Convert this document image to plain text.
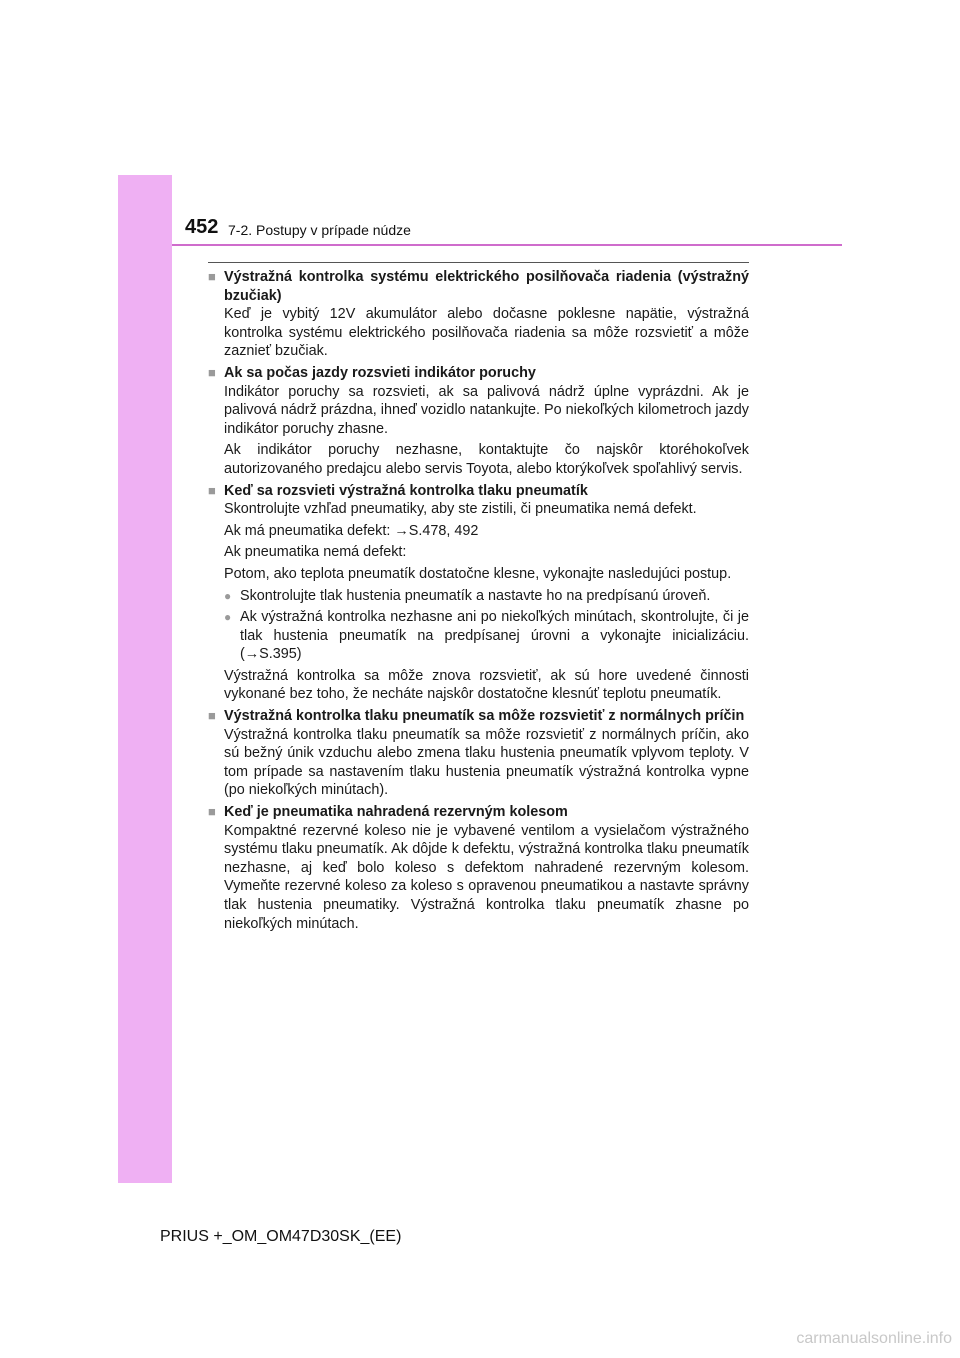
452 7-2. Postupy v prípade núdze
■ Výstražná kontrolka systému elektrického posilňovača riadenia (výstražný bzučiak)
Keď je vybitý 12V akumulátor alebo dočasne poklesne napätie, výstražná kontrolka systému elektrického posilňovača riadenia sa môže rozsvietiť a môže zaznieť bzučiak.
■ Ak sa počas jazdy rozsvieti indikátor poruchy
Indikátor poruchy sa rozsvieti, ak sa palivová nádrž úplne vyprázdni. Ak je palivová nádrž prázdna, ihneď vozidlo natankujte. Po niekoľkých kilometroch jazdy indikátor poruchy zhasne.
Ak indikátor poruchy nezhasne, kontaktujte čo najskôr ktoréhokoľvek autorizovaného predajcu alebo servis Toyota, alebo ktorýkoľvek spoľahlivý servis.
■ Keď sa rozsvieti výstražná kontrolka tlaku pneumatík
Skontrolujte vzhľad pneumatiky, aby ste zistili, či pneumatika nemá defekt.
Ak má pneumatika defekt: →S.478, 492
Ak pneumatika nemá defekt:
Potom, ako teplota pneumatík dostatočne klesne, vykonajte nasledujúci postup.
● Skontrolujte tlak hustenia pneumatík a nastavte ho na predpísanú úroveň.
● Ak výstražná kontrolka nezhasne ani po niekoľkých minútach, skontrolujte, či je tlak hustenia pneumatík na predpísanej úrovni a vykonajte inicializáciu. (→S.395)
Výstražná kontrolka sa môže znova rozsvietiť, ak sú hore uvedené činnosti vykonané bez toho, že necháte najskôr dostatočne klesnúť teplotu pneumatík.
■ Výstražná kontrolka tlaku pneumatík sa môže rozsvietiť z normálnych príčin
Výstražná kontrolka tlaku pneumatík sa môže rozsvietiť z normálnych príčin, ako sú bežný únik vzduchu alebo zmena tlaku hustenia pneumatík vplyvom teploty. V tom prípade sa nastavením tlaku hustenia pneumatík výstražná kontrolka vypne (po niekoľkých minútach).
■ Keď je pneumatika nahradená rezervným kolesom
Kompaktné rezervné koleso nie je vybavené ventilom a vysielačom výstražného systému tlaku pneumatík. Ak dôjde k defektu, výstražná kontrolka tlaku pneumatík nezhasne, aj keď bolo koleso s defektom nahradené rezervným kolesom. Vymeňte rezervné koleso za koleso s opravenou pneumatikou a nastavte správny tlak hustenia pneumatiky. Výstražná kontrolka tlaku pneumatík zhasne po niekoľkých minútach.
PRIUS +_OM_OM47D30SK_(EE)
carmanualsonline.info
